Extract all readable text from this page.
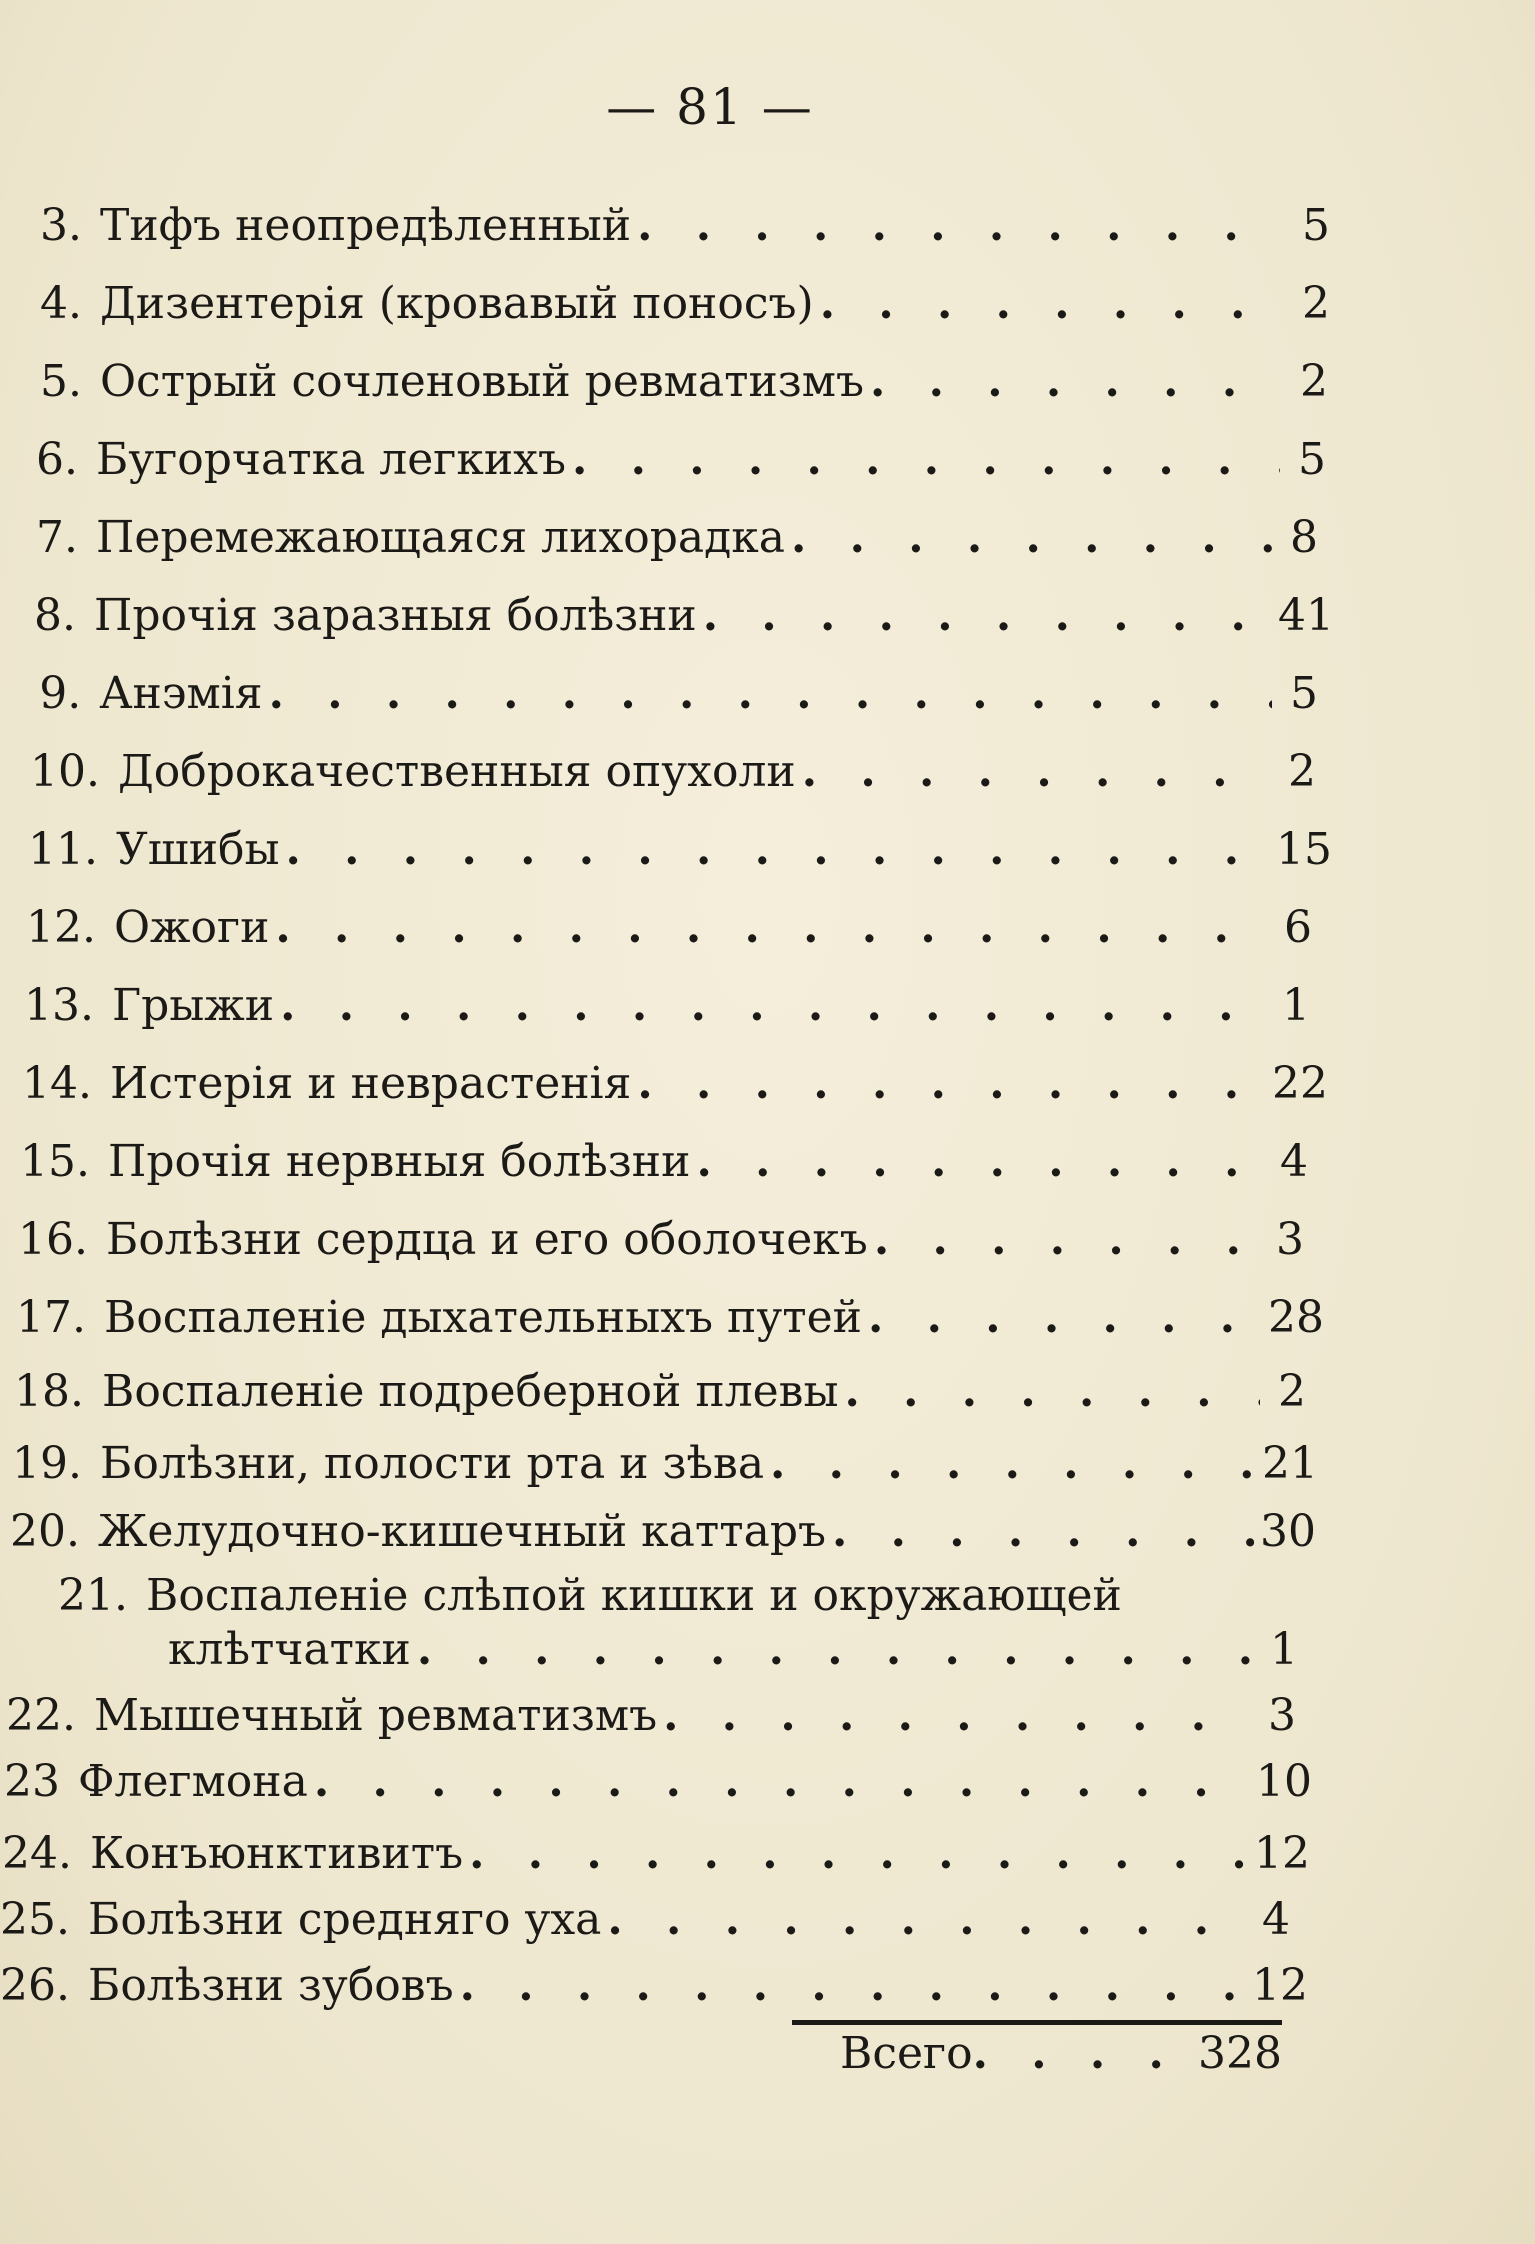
— 81 —
3. Тифъ неопредѣленный . . .	5
4. Дизентерія (кровавый поносъ) . . .	2
5. Острый сочленовый ревматизмъ . . .	2
6. Бугорчатка легкихъ . . .	5
7. Перемежающаяся лихорадка . . .	8
8. Прочія заразныя болѣзни . . .	41
9. Анэмія . . .	5
10. Доброкачественныя опухоли . . .	2
11. Ушибы . . .	15
12. Ожоги . . .	6
13. Грыжи . . .	1
14. Истерія и неврастенія . . .	22
15. Прочія нервныя болѣзни . . .	4
16. Болѣзни сердца и его оболочекъ . . .	3
17. Воспаленіе дыхательныхъ путей . . .	28
18. Воспаленіе подреберной плевы . . .	2
19. Болѣзни, полости рта и зѣва . . .	21
20. Желудочно-кишечный каттаръ . . .	30
21. Воспаленіе слѣпой кишки и окружающей
клѣтчатки . . .	1
22. Мышечный ревматизмъ . . .	3
23 Флегмона . . .	10
24. Конъюнктивитъ . . .	12
25. Болѣзни средняго уха . . .	4
26. Болѣзни зубовъ . . .	12
Всего . . .	328
